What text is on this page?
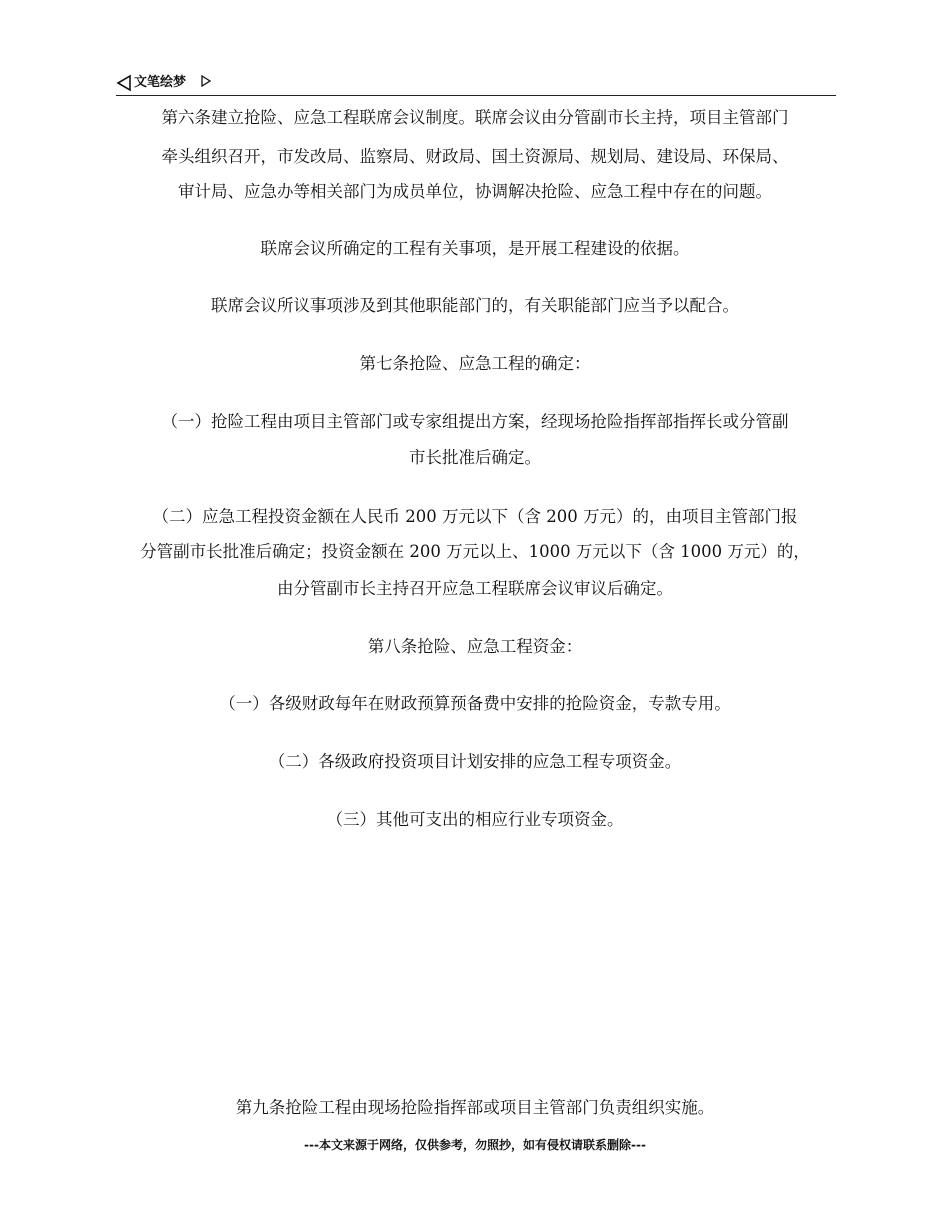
文笔绘梦
第六条建立抢险、应急工程联席会议制度。联席会议由分管副市长主持，项目主管部门
牵头组织召开，市发改局、监察局、财政局、国土资源局、规划局、建设局、环保局、
审计局、应急办等相关部门为成员单位，协调解决抢险、应急工程中存在的问题。
联席会议所确定的工程有关事项，是开展工程建设的依据。
联席会议所议事项涉及到其他职能部门的，有关职能部门应当予以配合。
第七条抢险、应急工程的确定：
（一）抢险工程由项目主管部门或专家组提出方案，经现场抢险指挥部指挥长或分管副
市长批准后确定。
（二）应急工程投资金额在人民币 200 万元以下（含 200 万元）的，由项目主管部门报
分管副市长批准后确定；投资金额在 200 万元以上、1000 万元以下（含 1000 万元）的，
由分管副市长主持召开应急工程联席会议审议后确定。
第八条抢险、应急工程资金：
（一）各级财政每年在财政预算预备费中安排的抢险资金，专款专用。
（二）各级政府投资项目计划安排的应急工程专项资金。
（三）其他可支出的相应行业专项资金。
第九条抢险工程由现场抢险指挥部或项目主管部门负责组织实施。
---本文来源于网络，仅供参考，勿照抄，如有侵权请联系删除---
